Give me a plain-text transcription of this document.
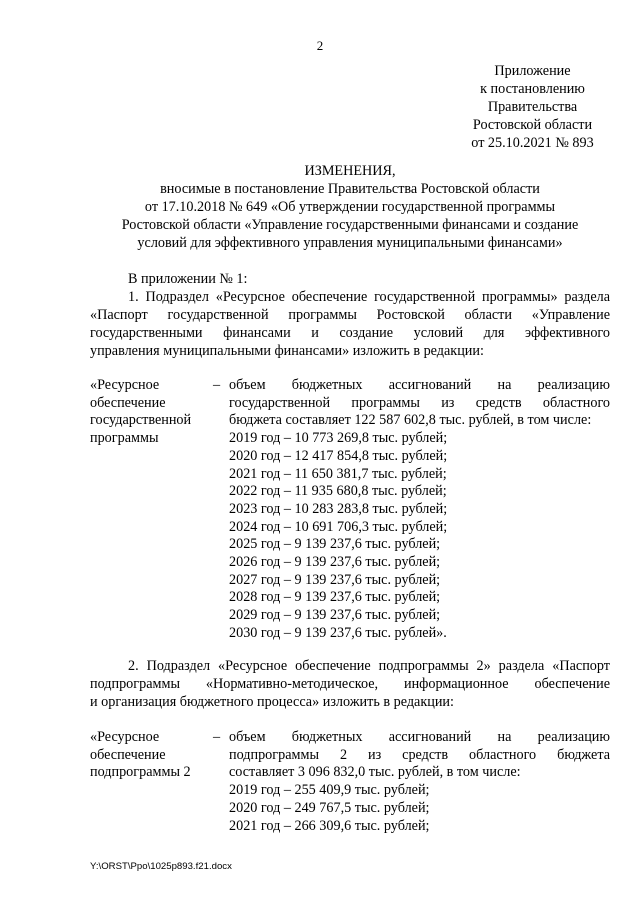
2
Приложение
к постановлению
Правительства
Ростовской области
от 25.10.2021 № 893
ИЗМЕНЕНИЯ,
вносимые в постановление Правительства Ростовской области
от 17.10.2018 № 649 «Об утверждении государственной программы
Ростовской области «Управление государственными финансами и создание
условий для эффективного управления муниципальными финансами»
В приложении № 1:
1. Подраздел «Ресурсное обеспечение государственной программы» раздела
«Паспорт государственной программы Ростовской области «Управление
государственными финансами и создание условий для эффективного
управления муниципальными финансами» изложить в редакции:
«Ресурсное
обеспечение
государственной
программы
– объем бюджетных ассигнований на реализацию
государственной программы из средств областного
бюджета составляет 122 587 602,8 тыс. рублей, в том числе:
2019 год – 10 773 269,8 тыс. рублей;
2020 год – 12 417 854,8 тыс. рублей;
2021 год – 11 650 381,7 тыс. рублей;
2022 год – 11 935 680,8 тыс. рублей;
2023 год – 10 283 283,8 тыс. рублей;
2024 год – 10 691 706,3 тыс. рублей;
2025 год – 9 139 237,6 тыс. рублей;
2026 год – 9 139 237,6 тыс. рублей;
2027 год – 9 139 237,6 тыс. рублей;
2028 год – 9 139 237,6 тыс. рублей;
2029 год – 9 139 237,6 тыс. рублей;
2030 год – 9 139 237,6 тыс. рублей».
2. Подраздел «Ресурсное обеспечение подпрограммы 2» раздела «Паспорт
подпрограммы «Нормативно-методическое, информационное обеспечение
и организация бюджетного процесса» изложить в редакции:
«Ресурсное
обеспечение
подпрограммы 2
– объем бюджетных ассигнований на реализацию
подпрограммы 2 из средств областного бюджета
составляет 3 096 832,0 тыс. рублей, в том числе:
2019 год – 255 409,9 тыс. рублей;
2020 год – 249 767,5 тыс. рублей;
2021 год – 266 309,6 тыс. рублей;
Y:\ORST\Ppo\1025p893.f21.docx
